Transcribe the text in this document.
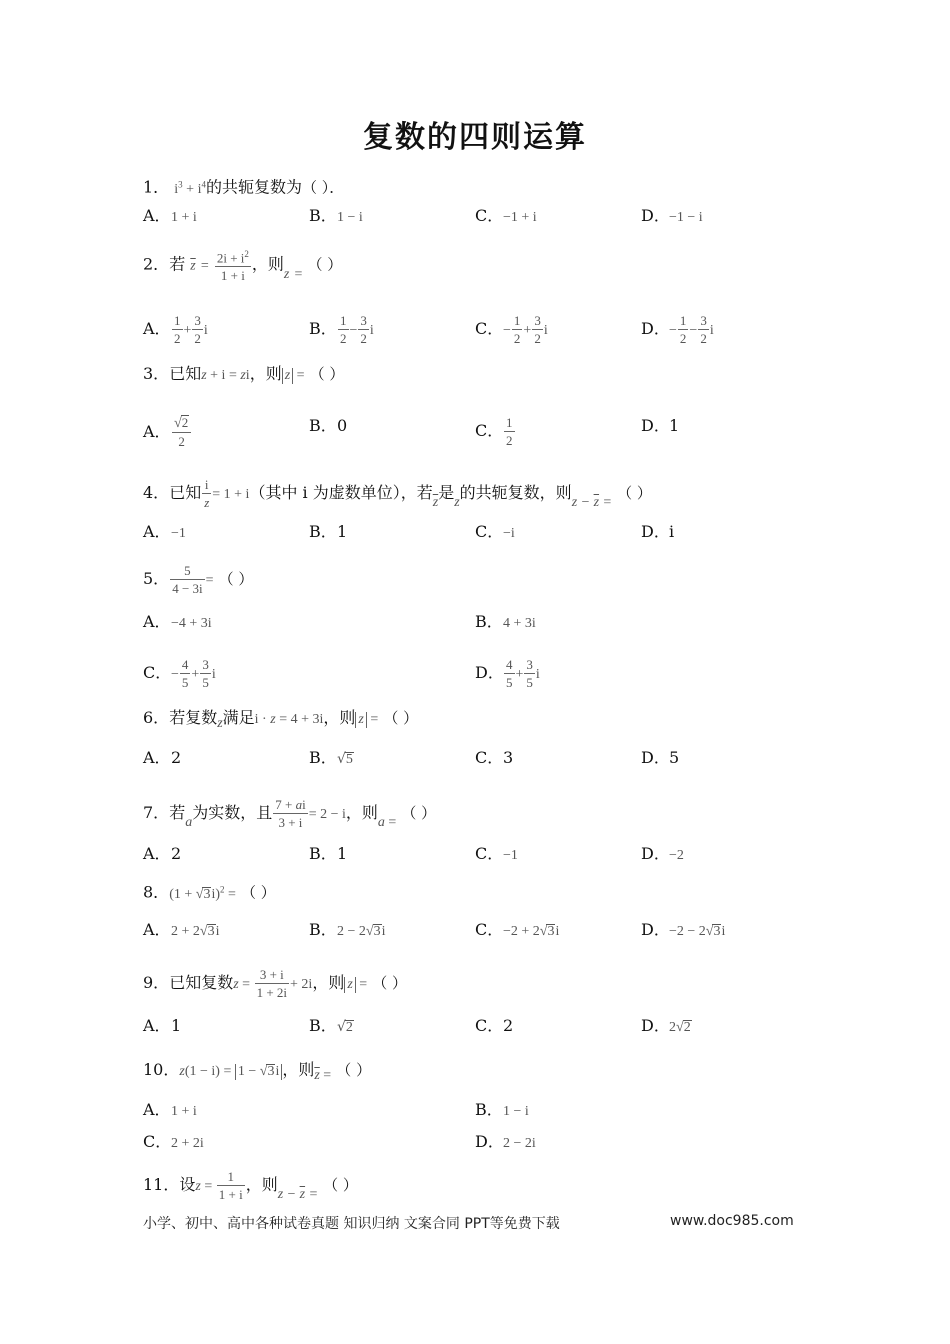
复数的四则运算
1． $i^3 + i^4$的共轭复数为（ ）．
A．1 + i	B．1 − i	C．−1 + i	D．−1 − i
2．若 $\overline{z} = \frac{2i + i^2}{1 + i}$ ，则z = （ ）
A． $\frac{1}{2} + \frac{3}{2}$ i	B． $\frac{1}{2} - \frac{3}{2}$ i	C．− $\frac{1}{2} + \frac{3}{2}$ i	D．− $\frac{1}{2} - \frac{3}{2}$ i
3．已知z + i = zi，则 z = （ ）
A． $\frac{√2}{2}$	B．0	C． $\frac{1}{2}$	D．1
4．已知 $\frac{i}{z} = 1 + i$（其中 i 为虚数单位），若$\overline{z}$是z的共轭复数，则$z - \overline{z}$ = （ ）
A．−1	B．1	C．−i	D．i
5． $\frac{5}{4 - 3i}$ = （ ）
A．−4 + 3i	B．4 + 3i
C．− $\frac{4}{5} + \frac{3}{5}$ i	D． $\frac{4}{5} + \frac{3}{5}$ i
6．若复数z满足i · z = 4 + 3i，则 z = （ ）
A．2	B．√5	C．3	D．5
7．若a为实数，且 $\frac{7 + ai}{3 + i} = 2 - i$，则a = （ ）
A．2	B．1	C．−1	D．−2
8．$(1 + √3i)^2$ = （ ）
A．2 + 2√3i	B．2 − 2√3i	C．−2 + 2√3i	D．−2 − 2√3i
9．已知复数$z = \frac{3 + i}{1 + 2i} + 2i$，则 z = （ ）
A．1	B．√2	C．2	D．2√2
10．z(1 − i) = 1 − √3i ，则$\overline{z}$ = （ ）
A．1 + i	B．1 − i
C．2 + 2i	D．2 − 2i
11．设$z = \frac{1}{1 + i}$ ，则$z - \overline{z}$ = （ ）
小学、初中、高中各种试卷真题 知识归纳 文案合同 PPT等免费下载	www.doc985.com
